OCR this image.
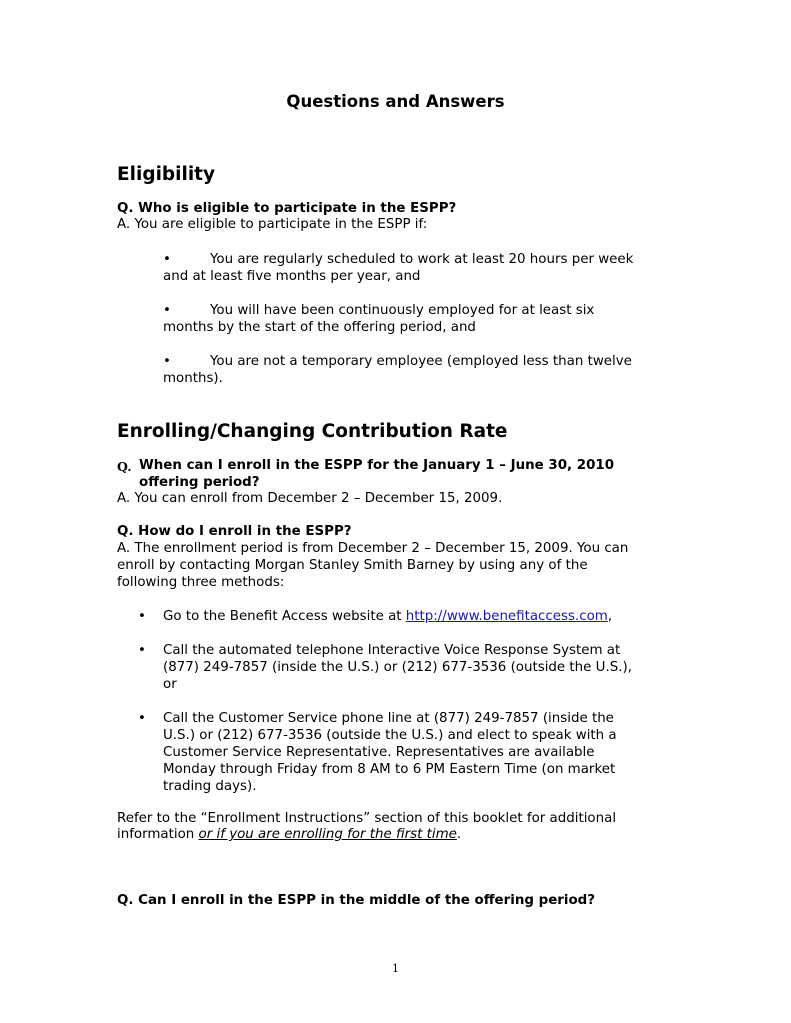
Questions and Answers
Eligibility
Q. Who is eligible to participate in the ESPP?
A. You are eligible to participate in the ESPP if:
•	You are regularly scheduled to work at least 20 hours per week
and at least five months per year, and
•	You will have been continuously employed for at least six
months by the start of the offering period, and
•	You are not a temporary employee (employed less than twelve
months).
Enrolling/Changing Contribution Rate
Q. When can I enroll in the ESPP for the January 1 – June 30, 2010
offering period?
A. You can enroll from December 2 – December 15, 2009.
Q. How do I enroll in the ESPP?
A. The enrollment period is from December 2 – December 15, 2009. You can
enroll by contacting Morgan Stanley Smith Barney by using any of the
following three methods:
• Go to the Benefit Access website at http://www.benefitaccess.com,
• Call the automated telephone Interactive Voice Response System at
(877) 249-7857 (inside the U.S.) or (212) 677-3536 (outside the U.S.),
or
• Call the Customer Service phone line at (877) 249-7857 (inside the
U.S.) or (212) 677-3536 (outside the U.S.) and elect to speak with a
Customer Service Representative. Representatives are available
Monday through Friday from 8 AM to 6 PM Eastern Time (on market
trading days).
Refer to the “Enrollment Instructions” section of this booklet for additional
information or if you are enrolling for the first time.
Q. Can I enroll in the ESPP in the middle of the offering period?
1
